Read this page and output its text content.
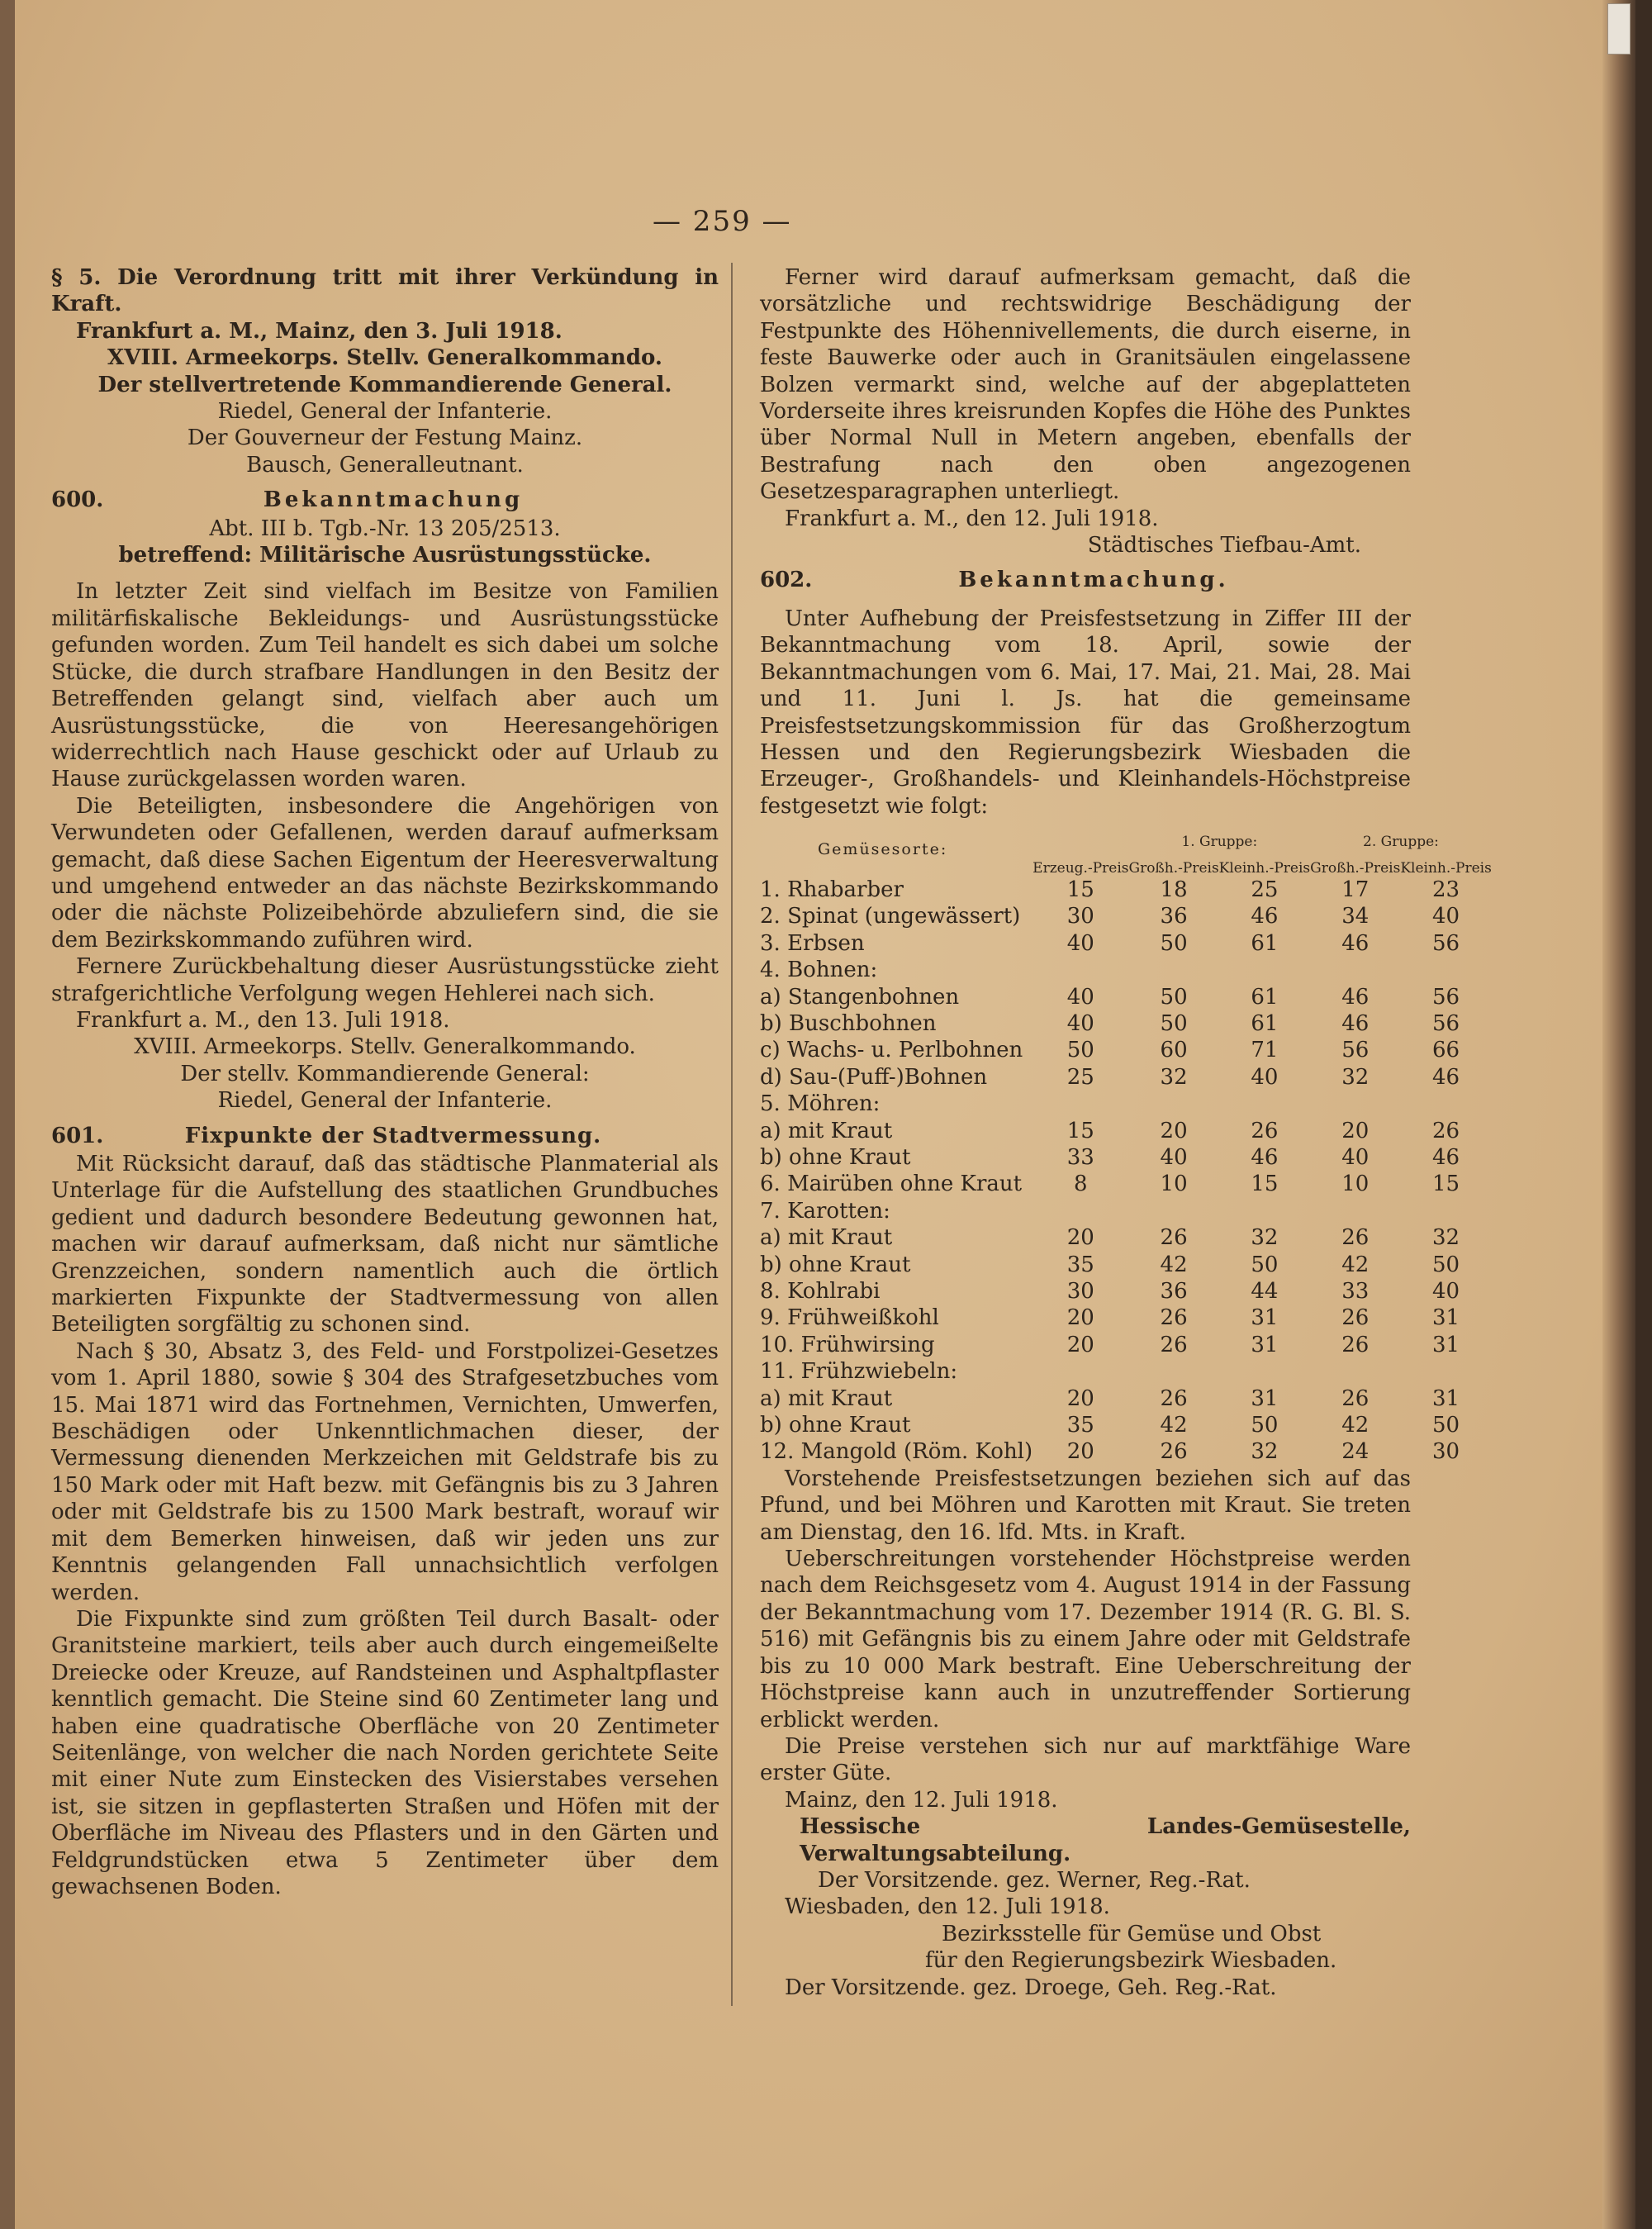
— 259 —

§ 5. Die Verordnung tritt mit ihrer Verkündung in Kraft.

Frankfurt a. M., Mainz, den 3. Juli 1918.

XVIII. Armeekorps. Stellv. Generalkommando.

Der stellvertretende Kommandierende General.

Riedel, General der Infanterie.

Der Gouverneur der Festung Mainz.

Bausch, Generalleutnant.

600.	Bekanntmachung

Abt. III b. Tgb.-Nr. 13 205/2513.

betreffend: Militärische Ausrüstungsstücke.

In letzter Zeit sind vielfach im Besitze von Familien militärfiskalische Bekleidungs- und Ausrüstungsstücke gefunden worden. Zum Teil handelt es sich dabei um solche Stücke, die durch strafbare Handlungen in den Besitz der Betreffenden gelangt sind, vielfach aber auch um Ausrüstungsstücke, die von Heeresangehörigen widerrechtlich nach Hause geschickt oder auf Urlaub zu Hause zurückgelassen worden waren.

Die Beteiligten, insbesondere die Angehörigen von Verwundeten oder Gefallenen, werden darauf aufmerksam gemacht, daß diese Sachen Eigentum der Heeresverwaltung und umgehend entweder an das nächste Bezirkskommando oder die nächste Polizeibehörde abzuliefern sind, die sie dem Bezirkskommando zuführen wird.

Fernere Zurückbehaltung dieser Ausrüstungsstücke zieht strafgerichtliche Verfolgung wegen Hehlerei nach sich.

Frankfurt a. M., den 13. Juli 1918.

XVIII. Armeekorps. Stellv. Generalkommando.

Der stellv. Kommandierende General:

Riedel, General der Infanterie.

601.	Fixpunkte der Stadtvermessung.

Mit Rücksicht darauf, daß das städtische Planmaterial als Unterlage für die Aufstellung des staatlichen Grundbuches gedient und dadurch besondere Bedeutung gewonnen hat, machen wir darauf aufmerksam, daß nicht nur sämtliche Grenzzeichen, sondern namentlich auch die örtlich markierten Fixpunkte der Stadtvermessung von allen Beteiligten sorgfältig zu schonen sind.

Nach § 30, Absatz 3, des Feld- und Forstpolizei-Gesetzes vom 1. April 1880, sowie § 304 des Strafgesetzbuches vom 15. Mai 1871 wird das Fortnehmen, Vernichten, Umwerfen, Beschädigen oder Unkenntlichmachen dieser, der Vermessung dienenden Merkzeichen mit Geldstrafe bis zu 150 Mark oder mit Haft bezw. mit Gefängnis bis zu 3 Jahren oder mit Geldstrafe bis zu 1500 Mark bestraft, worauf wir mit dem Bemerken hinweisen, daß wir jeden uns zur Kenntnis gelangenden Fall unnachsichtlich verfolgen werden.

Die Fixpunkte sind zum größten Teil durch Basalt- oder Granitsteine markiert, teils aber auch durch eingemeißelte Dreiecke oder Kreuze, auf Randsteinen und Asphaltpflaster kenntlich gemacht. Die Steine sind 60 Zentimeter lang und haben eine quadratische Oberfläche von 20 Zentimeter Seitenlänge, von welcher die nach Norden gerichtete Seite mit einer Nute zum Einstecken des Visierstabes versehen ist, sie sitzen in gepflasterten Straßen und Höfen mit der Oberfläche im Niveau des Pflasters und in den Gärten und Feldgrundstücken etwa 5 Zentimeter über dem gewachsenen Boden.

Ferner wird darauf aufmerksam gemacht, daß die vorsätzliche und rechtswidrige Beschädigung der Festpunkte des Höhennivellements, die durch eiserne, in feste Bauwerke oder auch in Granitsäulen eingelassene Bolzen vermarkt sind, welche auf der abgeplatteten Vorderseite ihres kreisrunden Kopfes die Höhe des Punktes über Normal Null in Metern angeben, ebenfalls der Bestrafung nach den oben angezogenen Gesetzesparagraphen unterliegt.

Frankfurt a. M., den 12. Juli 1918.

Städtisches Tiefbau-Amt.

602.	Bekanntmachung.

Unter Aufhebung der Preisfestsetzung in Ziffer III der Bekanntmachung vom 18. April, sowie der Bekanntmachungen vom 6. Mai, 17. Mai, 21. Mai, 28. Mai und 11. Juni l. Js. hat die gemeinsame Preisfestsetzungskommission für das Großherzogtum Hessen und den Regierungsbezirk Wiesbaden die Erzeuger-, Großhandels- und Kleinhandels-Höchstpreise festgesetzt wie folgt:

Gemüsesorte:	Erzeug.-Preis	1. Gruppe:		2. Gruppe:	
		Großh.-Preis	Kleinh.-Preis	Großh.-Preis	Kleinh.-Preis
1. Rhabarber	15	18	25	17	23
2. Spinat (ungewässert)	30	36	46	34	40
3. Erbsen	40	50	61	46	56
4. Bohnen:					
a) Stangenbohnen	40	50	61	46	56
b) Buschbohnen	40	50	61	46	56
c) Wachs- u. Perlbohnen	50	60	71	56	66
d) Sau-(Puff-)Bohnen	25	32	40	32	46
5. Möhren:					
a) mit Kraut	15	20	26	20	26
b) ohne Kraut	33	40	46	40	46
6. Mairüben ohne Kraut	8	10	15	10	15
7. Karotten:					
a) mit Kraut	20	26	32	26	32
b) ohne Kraut	35	42	50	42	50
8. Kohlrabi	30	36	44	33	40
9. Frühweißkohl	20	26	31	26	31
10. Frühwirsing	20	26	31	26	31
11. Frühzwiebeln:					
a) mit Kraut	20	26	31	26	31
b) ohne Kraut	35	42	50	42	50
12. Mangold (Röm. Kohl)	20	26	32	24	30

Vorstehende Preisfestsetzungen beziehen sich auf das Pfund, und bei Möhren und Karotten mit Kraut. Sie treten am Dienstag, den 16. lfd. Mts. in Kraft.

Ueberschreitungen vorstehender Höchstpreise werden nach dem Reichsgesetz vom 4. August 1914 in der Fassung der Bekanntmachung vom 17. Dezember 1914 (R. G. Bl. S. 516) mit Gefängnis bis zu einem Jahre oder mit Geldstrafe bis zu 10 000 Mark bestraft. Eine Ueberschreitung der Höchstpreise kann auch in unzutreffender Sortierung erblickt werden.

Die Preise verstehen sich nur auf marktfähige Ware erster Güte.

Mainz, den 12. Juli 1918.

Hessische Landes-Gemüsestelle, Verwaltungsabteilung.

Der Vorsitzende. gez. Werner, Reg.-Rat.

Wiesbaden, den 12. Juli 1918.

Bezirksstelle für Gemüse und Obst

für den Regierungsbezirk Wiesbaden.

Der Vorsitzende. gez. Droege, Geh. Reg.-Rat.
